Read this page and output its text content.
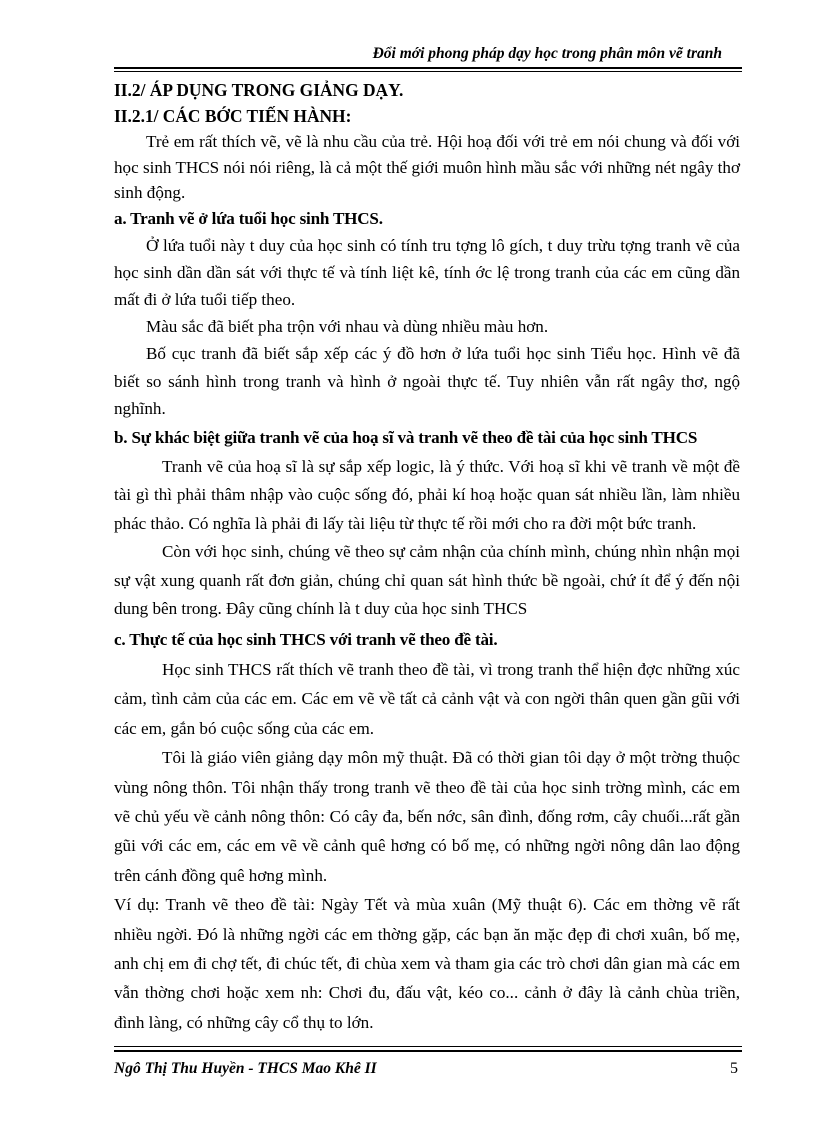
Đổi mới phong pháp dạy học trong phân môn vẽ tranh

II.2/ ÁP DỤNG TRONG GIẢNG DẠY.

II.2.1/ CÁC BỚC TIẾN HÀNH:

Trẻ em rất thích vẽ, vẽ là nhu cầu của trẻ. Hội hoạ đối với trẻ em nói chung và đối với học sinh THCS nói nói riêng, là cả một thế giới muôn hình mầu sắc với những nét ngây thơ sinh động.

a. Tranh vẽ ở lứa tuổi học sinh THCS.

Ở lứa tuổi này t duy của học sinh có tính tru tợng lô gích, t duy trừu tợng tranh vẽ của học sinh dần dần sát với thực tế và tính liệt kê, tính ớc lệ trong tranh của các em cũng dần mất đi ở lứa tuổi tiếp theo.

Màu sắc đã biết pha trộn với nhau và dùng nhiều màu hơn.

Bố cục tranh đã biết sắp xếp các ý đồ hơn ở lứa tuổi học sinh Tiểu học. Hình vẽ đã biết so sánh hình trong tranh và hình ở ngoài thực tế. Tuy nhiên vẫn rất ngây thơ, ngộ nghĩnh.

b. Sự khác biệt giữa tranh vẽ của hoạ sĩ và tranh vẽ theo đề tài của học sinh THCS

Tranh vẽ của hoạ sĩ là sự sắp xếp logic, là ý thức. Với hoạ sĩ khi vẽ tranh về một đề tài gì thì phải thâm nhập vào cuộc sống đó, phải kí hoạ hoặc quan sát nhiều lần, làm nhiều phác thảo. Có nghĩa là phải đi lấy tài liệu từ thực tế rồi mới cho ra đời một bức tranh.

Còn với học sinh, chúng vẽ theo sự cảm nhận của chính mình, chúng nhìn nhận mọi sự vật xung quanh rất đơn giản, chúng chỉ quan sát hình thức bề ngoài, chứ ít để ý đến nội dung bên trong. Đây cũng chính là t duy của học sinh THCS

c. Thực tế của học sinh THCS với tranh vẽ theo đề tài.

Học sinh THCS rất thích vẽ tranh theo đề tài, vì trong tranh thể hiện đợc những xúc cảm, tình cảm của các em. Các em vẽ về tất cả cảnh vật và con ngời thân quen gần gũi với các em, gắn bó cuộc sống của các em.

Tôi là giáo viên giảng dạy môn mỹ thuật. Đã có thời gian tôi dạy ở một trờng thuộc vùng nông thôn. Tôi nhận thấy trong tranh vẽ theo đề tài của học sinh trờng mình, các em vẽ chủ yếu về cảnh nông thôn: Có cây đa, bến nớc, sân đình, đống rơm, cây chuối...rất gần gũi với các em, các em vẽ về cảnh quê hơng có bố mẹ, có những ngời nông dân lao động trên cánh đồng quê hơng mình.

Ví dụ: Tranh vẽ theo đề tài: Ngày Tết và mùa xuân (Mỹ thuật 6). Các em thờng vẽ rất nhiều ngời. Đó là những ngời các em thờng gặp, các bạn ăn mặc đẹp đi chơi xuân, bố mẹ, anh chị em đi chợ tết, đi chúc tết, đi chùa xem và tham gia các trò chơi dân gian mà các em vẫn thờng chơi hoặc xem nh: Chơi đu, đấu vật, kéo co... cảnh ở đây là cảnh chùa triền, đình làng, có những cây cổ thụ to lớn.

Ngô Thị Thu Huyền - THCS Mao Khê II	5
